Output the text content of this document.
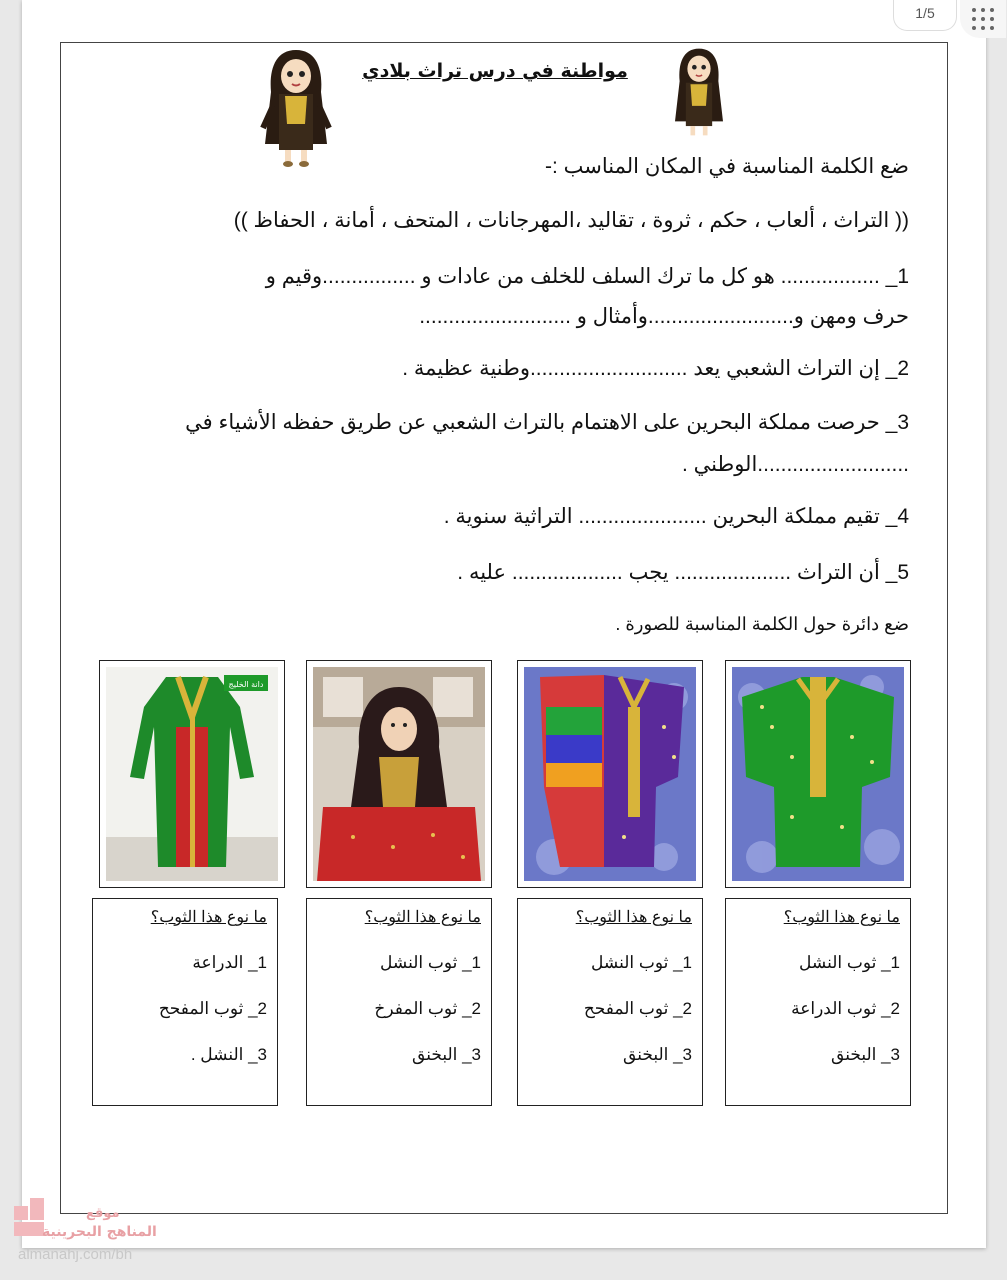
1/5
مواطنة في درس تراث بلادي
ضع الكلمة المناسبة في المكان المناسب :-
(( التراث ، ألعاب ، حكم ، ثروة ، تقاليد ،المهرجانات ، المتحف ، أمانة ، الحفاظ ))
1_ ................. هو كل ما ترك السلف للخلف من عادات و ................وقيم و
حرف ومهن و.........................وأمثال و ..........................
2_ إن التراث الشعبي يعد ...........................وطنية عظيمة .
3_ حرصت مملكة البحرين على الاهتمام بالتراث الشعبي عن طريق حفظه الأشياء في
..........................الوطني .
4_ تقيم مملكة البحرين ...................... التراثية سنوية .
5_ أن التراث .................... يجب ................... عليه .
ضع دائرة حول الكلمة المناسبة للصورة .
دانة الخليج
ما نوع هذا الثوب؟
1_ ثوب النشل
2_ ثوب الدراعة
3_ البخنق
ما نوع هذا الثوب؟
1_ ثوب النشل
2_ ثوب المفحح
3_ البخنق
ما نوع هذا الثوب؟
1_ ثوب النشل
2_ ثوب المفرخ
3_ البخنق
ما نوع هذا الثوب؟
1_ الدراعة
2_ ثوب المفحح
3_ النشل .
موقع
المناهج البحرينية
almanahj.com/bh
